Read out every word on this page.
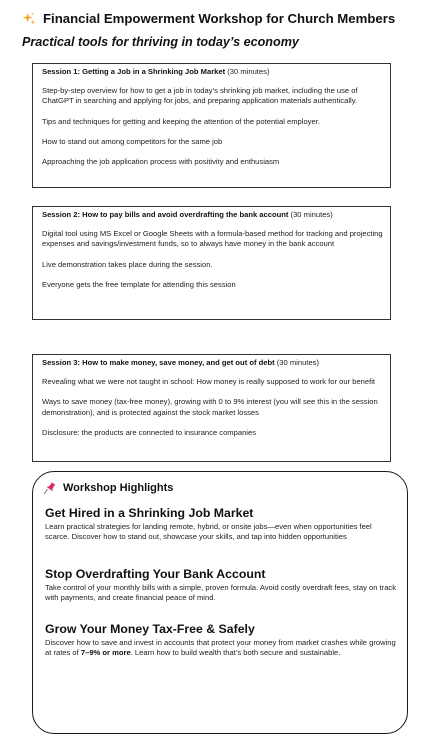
Financial Empowerment Workshop for Church Members
Practical tools for thriving in today’s economy

Session 1: Getting a Job in a Shrinking Job Market (30 minutes)

Step-by-step overview for how to get a job in today’s shrinking job market, including the use of ChatGPT in searching and applying for jobs, and preparing application materials authentically.

Tips and techniques for getting and keeping the attention of the potential employer.

How to stand out among competitors for the same job

Approaching the job application process with positivity and enthusiasm

Session 2: How to pay bills and avoid overdrafting the bank account (30 minutes)

Digital tool using MS Excel or Google Sheets with a formula-based method for tracking and projecting expenses and savings/investment funds, so to always have money in the bank account

Live demonstration takes place during the session.

Everyone gets the free template for attending this session

Session 3: How to make money, save money, and get out of debt (30 minutes)

Revealing what we were not taught in school: How money is really supposed to work for our benefit

Ways to save money (tax-free money), growing with 0 to 9% interest (you will see this in the session demonstration), and is protected against the stock market losses

Disclosure: the products are connected to insurance companies

Workshop Highlights
Get Hired in a Shrinking Job Market

Learn practical strategies for landing remote, hybrid, or onsite jobs—even when opportunities feel scarce. Discover how to stand out, showcase your skills, and tap into hidden opportunities

Stop Overdrafting Your Bank Account

Take control of your monthly bills with a simple, proven formula. Avoid costly overdraft fees, stay on track with payments, and create financial peace of mind.

Grow Your Money Tax-Free & Safely

Discover how to save and invest in accounts that protect your money from market crashes while growing at rates of 7–9% or more. Learn how to build wealth that’s both secure and sustainable.
